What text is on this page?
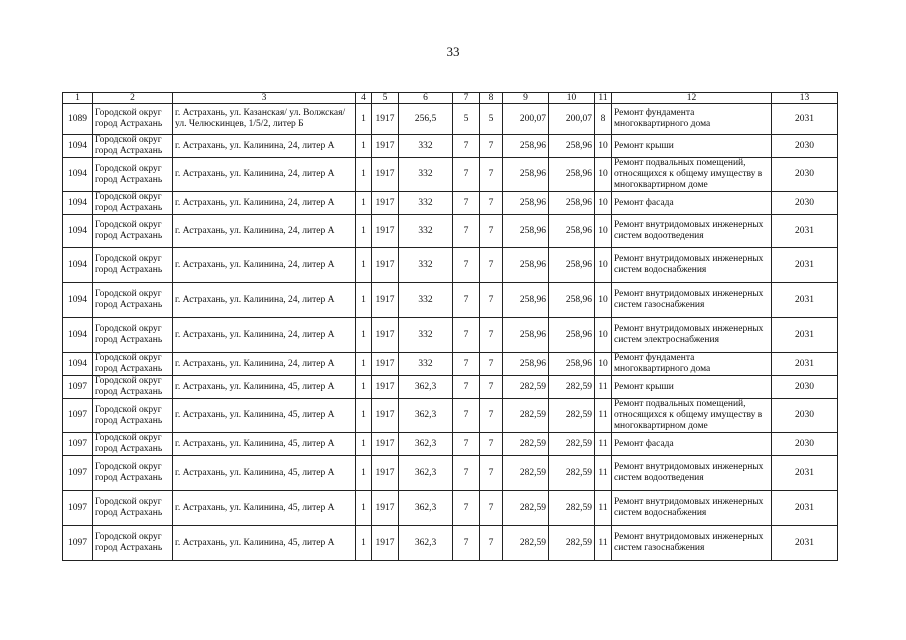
33
1	2	3	4	5	6	7	8	9	10	11	12	13
1089	Городской округ город Астрахань	г. Астрахань, ул. Казанская/ ул. Волжская/ ул. Челюскинцев, 1/5/2, литер Б	1	1917	256,5	5	5	200,07	200,07	8	Ремонт фундамента многоквартирного дома	2031
1094	Городской округ город Астрахань	г. Астрахань, ул. Калинина, 24, литер А	1	1917	332	7	7	258,96	258,96	10	Ремонт крыши	2030
1094	Городской округ город Астрахань	г. Астрахань, ул. Калинина, 24, литер А	1	1917	332	7	7	258,96	258,96	10	Ремонт подвальных помещений, относящихся к общему имуществу в многоквартирном доме	2030
1094	Городской округ город Астрахань	г. Астрахань, ул. Калинина, 24, литер А	1	1917	332	7	7	258,96	258,96	10	Ремонт фасада	2030
1094	Городской округ город Астрахань	г. Астрахань, ул. Калинина, 24, литер А	1	1917	332	7	7	258,96	258,96	10	Ремонт внутридомовых инженерных систем водоотведения	2031
1094	Городской округ город Астрахань	г. Астрахань, ул. Калинина, 24, литер А	1	1917	332	7	7	258,96	258,96	10	Ремонт внутридомовых инженерных систем водоснабжения	2031
1094	Городской округ город Астрахань	г. Астрахань, ул. Калинина, 24, литер А	1	1917	332	7	7	258,96	258,96	10	Ремонт внутридомовых инженерных систем газоснабжения	2031
1094	Городской округ город Астрахань	г. Астрахань, ул. Калинина, 24, литер А	1	1917	332	7	7	258,96	258,96	10	Ремонт внутридомовых инженерных систем электроснабжения	2031
1094	Городской округ город Астрахань	г. Астрахань, ул. Калинина, 24, литер А	1	1917	332	7	7	258,96	258,96	10	Ремонт фундамента многоквартирного дома	2031
1097	Городской округ город Астрахань	г. Астрахань, ул. Калинина, 45, литер А	1	1917	362,3	7	7	282,59	282,59	11	Ремонт крыши	2030
1097	Городской округ город Астрахань	г. Астрахань, ул. Калинина, 45, литер А	1	1917	362,3	7	7	282,59	282,59	11	Ремонт подвальных помещений, относящихся к общему имуществу в многоквартирном доме	2030
1097	Городской округ город Астрахань	г. Астрахань, ул. Калинина, 45, литер А	1	1917	362,3	7	7	282,59	282,59	11	Ремонт фасада	2030
1097	Городской округ город Астрахань	г. Астрахань, ул. Калинина, 45, литер А	1	1917	362,3	7	7	282,59	282,59	11	Ремонт внутридомовых инженерных систем водоотведения	2031
1097	Городской округ город Астрахань	г. Астрахань, ул. Калинина, 45, литер А	1	1917	362,3	7	7	282,59	282,59	11	Ремонт внутридомовых инженерных систем водоснабжения	2031
1097	Городской округ город Астрахань	г. Астрахань, ул. Калинина, 45, литер А	1	1917	362,3	7	7	282,59	282,59	11	Ремонт внутридомовых инженерных систем газоснабжения	2031
